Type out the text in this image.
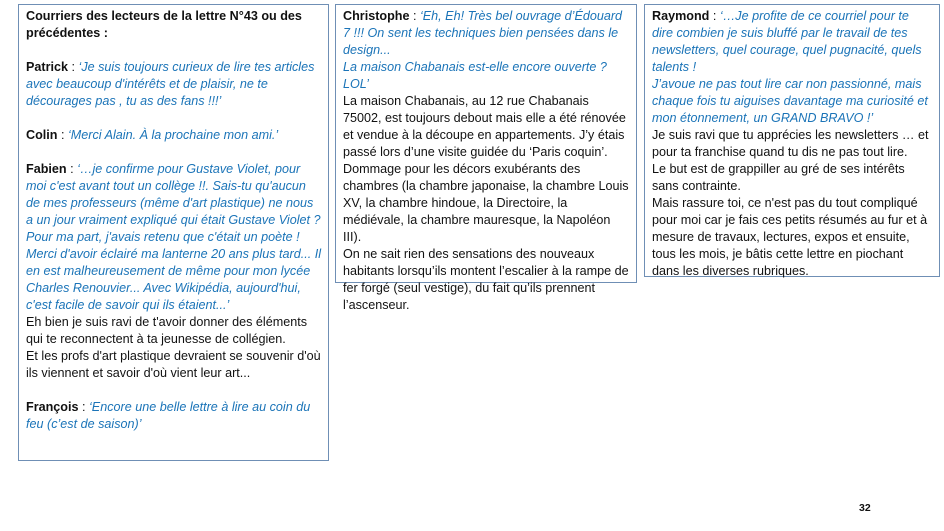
Courriers des lecteurs de la lettre N°43 ou des précédentes :

Patrick : ‘Je suis toujours curieux de lire tes articles avec beaucoup d'intérêts et de plaisir, ne te décourages pas , tu as des fans !!!’

Colin : ‘Merci Alain. À la prochaine mon ami.’

Fabien : ‘…je confirme pour Gustave Violet, pour moi c'est avant tout un collège !!. Sais-tu qu'aucun de mes professeurs (même d'art plastique) ne nous a un jour vraiment expliqué qui était Gustave Violet ? Pour ma part, j'avais retenu que c'était un poète ! Merci d'avoir éclairé ma lanterne 20 ans plus tard... Il en est malheureusement de même pour mon lycée Charles Renouvier... Avec Wikipédia, aujourd'hui, c'est facile de savoir qui ils étaient...’

Eh bien je suis ravi de t'avoir donner des éléments qui te reconnectent à ta jeunesse de collégien.

Et les profs d'art plastique devraient se souvenir d'où ils viennent et savoir d'où vient leur art...

François : ‘Encore une belle lettre à lire au coin du feu (c’est de saison)’

Christophe : ‘Eh, Eh! Très bel ouvrage d’Édouard 7 !!! On sent les techniques bien pensées dans le design...

La maison Chabanais est-elle encore ouverte ? LOL’

La maison Chabanais, au 12 rue Chabanais 75002, est toujours debout mais elle a été rénovée et vendue à la découpe en appartements. J’y étais passé lors d’une visite guidée du ‘Paris coquin’. Dommage pour les décors exubérants des chambres (la chambre japonaise, la chambre Louis XV, la chambre hindoue, la Directoire, la médiévale, la chambre mauresque, la Napoléon III).

On ne sait rien des sensations des nouveaux habitants lorsqu’ils montent l’escalier à la rampe de fer forgé (seul vestige), du fait qu’ils prennent l’ascenseur.

Raymond : ‘…Je profite de ce courriel pour te dire combien je suis bluffé par le travail de tes newsletters, quel courage, quel pugnacité, quels talents !

J’avoue ne pas tout lire car non passionné, mais chaque fois tu aiguises davantage ma curiosité et mon étonnement, un GRAND BRAVO !’

Je suis ravi que tu apprécies les newsletters … et pour ta franchise quand tu dis ne pas tout lire.

Le but est de grappiller au gré de ses intérêts sans contrainte.

Mais rassure toi, ce n'est pas du tout compliqué pour moi car je fais ces petits résumés au fur et à mesure de travaux, lectures, expos et ensuite, tous les mois, je bâtis cette lettre en piochant dans les diverses rubriques.

32
